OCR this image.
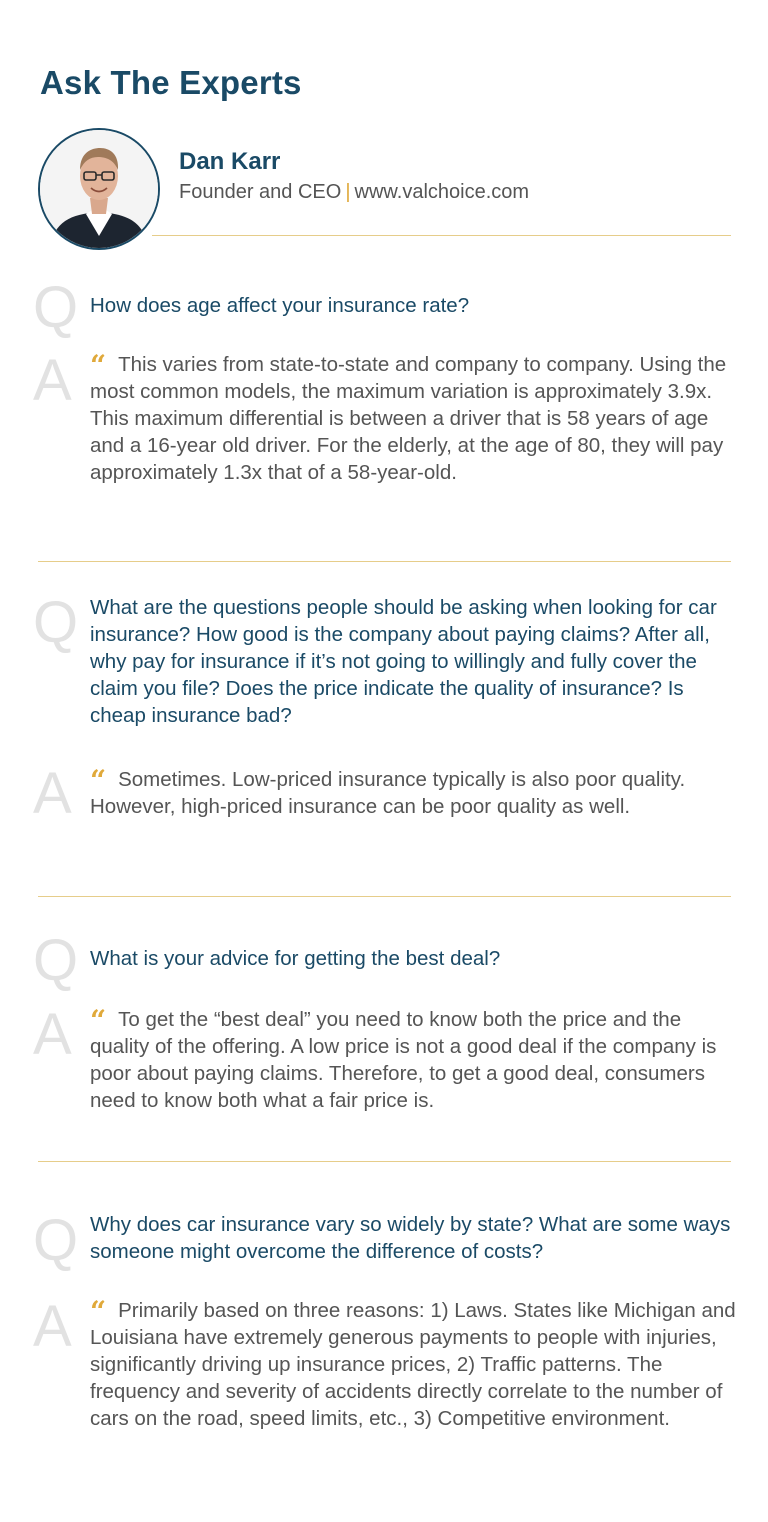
Ask The Experts
Dan Karr
Founder and CEO | www.valchoice.com
Q How does age affect your insurance rate?

A “ This varies from state-to-state and company to company. Using the most common models, the maximum variation is approximately 3.9x. This maximum differential is between a driver that is 58 years of age and a 16-year old driver. For the elderly, at the age of 80, they will pay approximately 1.3x that of a 58-year-old.

Q What are the questions people should be asking when looking for car insurance? How good is the company about paying claims? After all, why pay for insurance if it’s not going to willingly and fully cover the claim you file? Does the price indicate the quality of insurance? Is cheap insurance bad?

A “ Sometimes. Low-priced insurance typically is also poor quality. However, high-priced insurance can be poor quality as well.

Q What is your advice for getting the best deal?

A “ To get the “best deal” you need to know both the price and the quality of the offering. A low price is not a good deal if the company is poor about paying claims. Therefore, to get a good deal, consumers need to know both what a fair price is.

Q Why does car insurance vary so widely by state? What are some ways someone might overcome the difference of costs?

A “ Primarily based on three reasons: 1) Laws. States like Michigan and Louisiana have extremely generous payments to people with injuries, significantly driving up insurance prices, 2) Traffic patterns. The frequency and severity of accidents directly correlate to the number of cars on the road, speed limits, etc., 3) Competitive environment.
